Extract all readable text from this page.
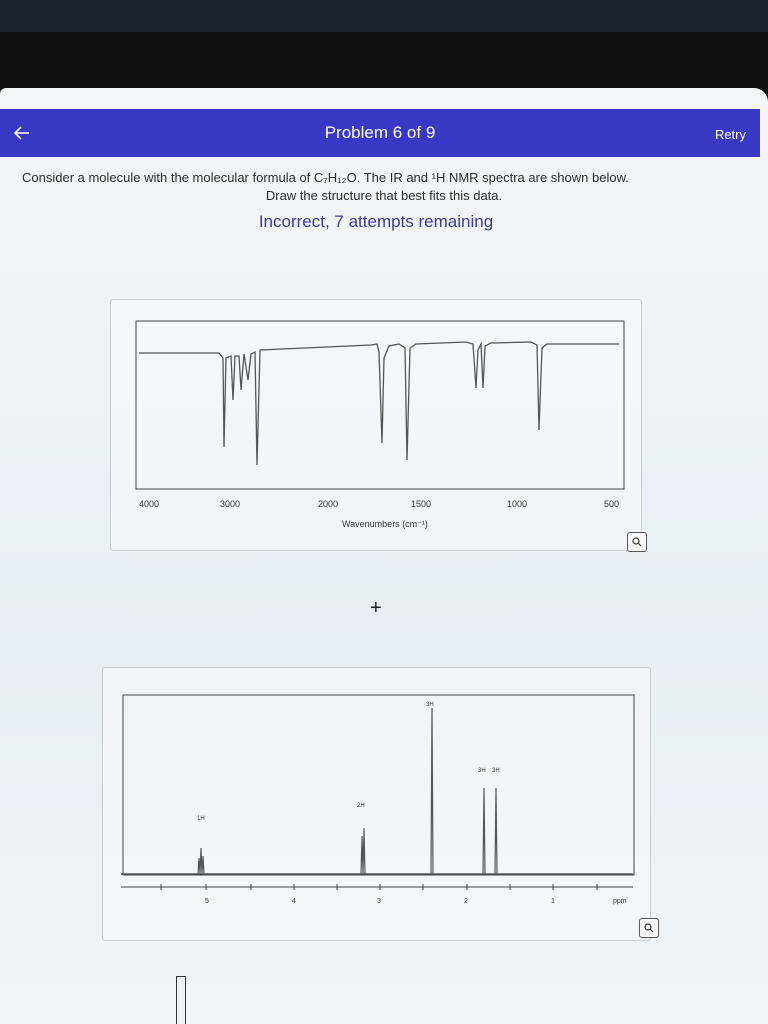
Problem 6 of 9	Retry
Consider a molecule with the molecular formula of C₇H₁₂O. The IR and ¹H NMR spectra are shown below.
Draw the structure that best fits this data.
Incorrect, 7 attempts remaining
4000	3000	2000	1500	1000	500
Wavenumbers (cm⁻¹)
+
1H
2H
3H
3H 3H
5	4	3	2	1	ppm
